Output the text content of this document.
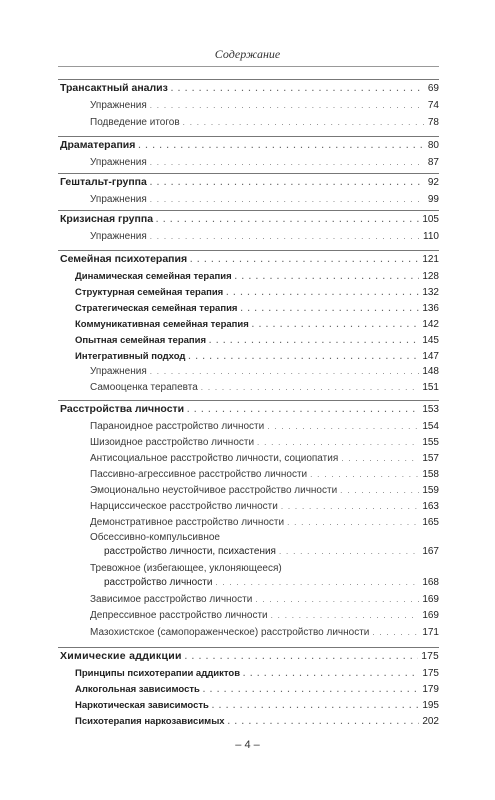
Содержание
Трансактный анализ . . .	69
Упражнения . . .	74
Подведение итогов . . .	78
Драматерапия . . .	80
Упражнения . . .	87
Гештальт-группа . . .	92
Упражнения . . .	99
Кризисная группа . . .	105
Упражнения . . .	110
Семейная психотерапия . . .	121
Динамическая семейная терапия . . .	128
Структурная семейная терапия . . .	132
Стратегическая семейная терапия . . .	136
Коммуникативная семейная терапия . . .	142
Опытная семейная терапия . . .	145
Интегративный подход . . .	147
Упражнения . . .	148
Самооценка терапевта . . .	151
Расстройства личности . . .	153
Параноидное расстройство личности . . .	154
Шизоидное расстройство личности . . .	155
Антисоциальное расстройство личности, социопатия . . .	157
Пассивно-агрессивное расстройство личности . . .	158
Эмоционально неустойчивое расстройство личности . . .	159
Нарциссическое расстройство личности . . .	163
Демонстративное расстройство личности . . .	165
Обсессивно-компульсивное
расстройство личности, психастения . . .	167
Тревожное (избегающее, уклоняющееся)
расстройство личности . . .	168
Зависимое расстройство личности . . .	169
Депрессивное расстройство личности . . .	169
Мазохистское (самопораженческое) расстройство личности . . .	171
Химические аддикции . . .	175
Принципы психотерапии аддиктов . . .	175
Алкогольная зависимость . . .	179
Наркотическая зависимость . . .	195
Психотерапия наркозависимых . . .	202
– 4 –
